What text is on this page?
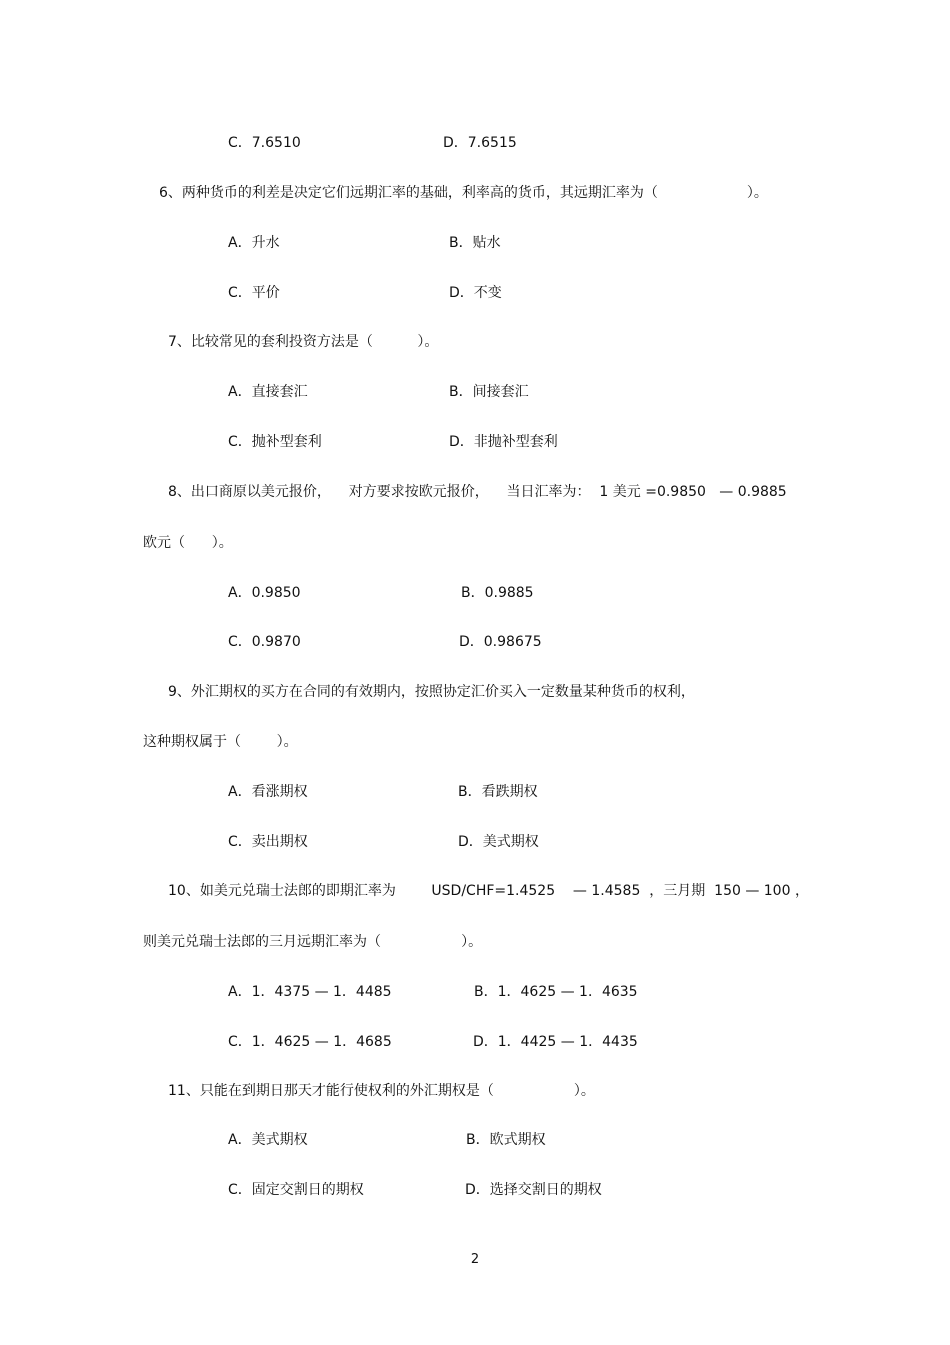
C．7.6510	D．7.6515
6、两种货币的利差是决定它们远期汇率的基础，利率高的货币，其远期汇率为（                    ）。
A．升水	B．贴水
C．平价	D．不变
7、比较常见的套利投资方法是（          ）。
A．直接套汇	B．间接套汇
C．抛补型套利	D．非抛补型套利
8、出口商原以美元报价，    对方要求按欧元报价，    当日汇率为：  1 美元 =0.9850   — 0.9885
欧元（      ）。
A．0.9850	B．0.9885
C．0.9870	D．0.98675
9、外汇期权的买方在合同的有效期内，按照协定汇价买入一定数量某种货币的权利，
这种期权属于（        ）。
A．看涨期权	B．看跌期权
C．卖出期权	D．美式期权
10、如美元兑瑞士法郎的即期汇率为        USD/CHF=1.4525    — 1.4585  ，三月期  150 — 100 ，
则美元兑瑞士法郎的三月远期汇率为（                  ）。
A．1．4375 — 1．4485	B．1．4625 — 1．4635
C．1．4625 — 1．4685	D．1．4425 — 1．4435
11、只能在到期日那天才能行使权利的外汇期权是（                  ）。
A．美式期权	B．欧式期权
C．固定交割日的期权	D．选择交割日的期权
2
